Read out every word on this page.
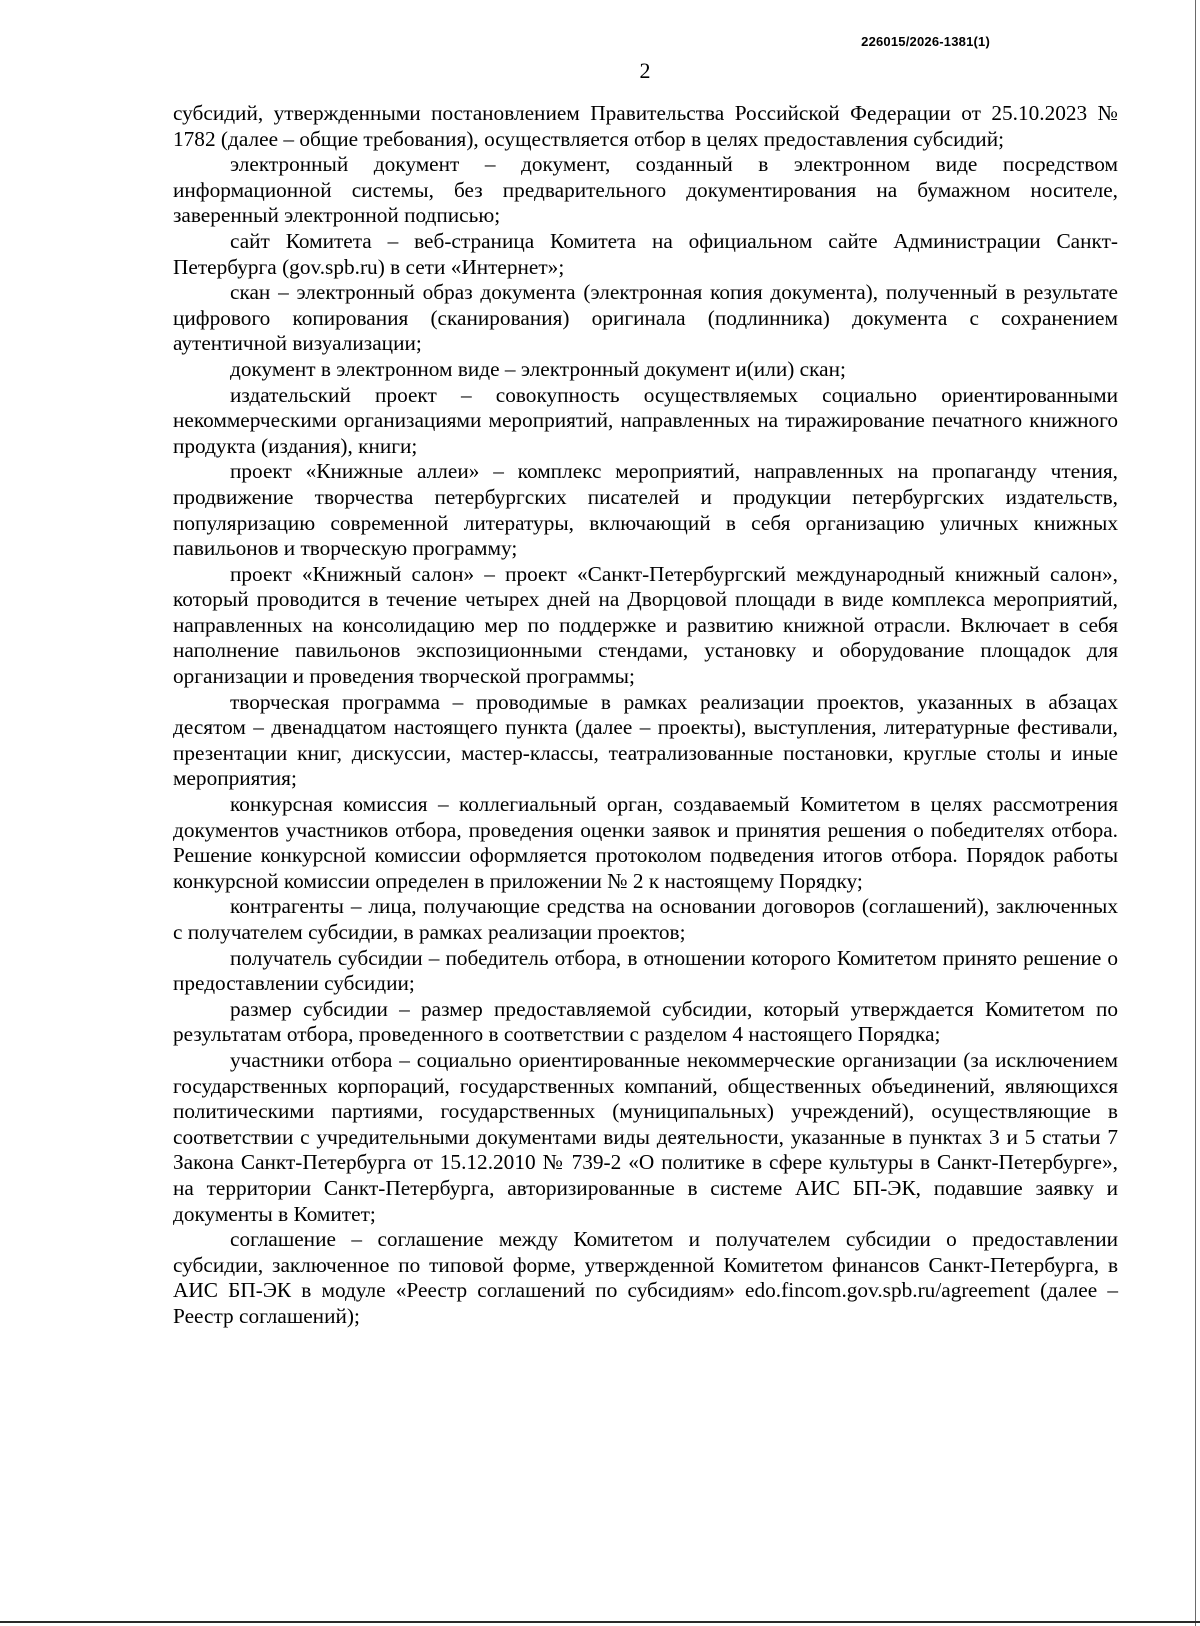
226015/2026-1381(1)
2

субсидий, утвержденными постановлением Правительства Российской Федерации от 25.10.2023 № 1782 (далее – общие требования), осуществляется отбор в целях предоставления субсидий;

электронный документ – документ, созданный в электронном виде посредством информационной системы, без предварительного документирования на бумажном носителе, заверенный электронной подписью;

сайт Комитета – веб-страница Комитета на официальном сайте Администрации Санкт-Петербурга (gov.spb.ru) в сети «Интернет»;

скан – электронный образ документа (электронная копия документа), полученный в результате цифрового копирования (сканирования) оригинала (подлинника) документа с сохранением аутентичной визуализации;

документ в электронном виде – электронный документ и(или) скан;

издательский проект – совокупность осуществляемых социально ориентированными некоммерческими организациями мероприятий, направленных на тиражирование печатного книжного продукта (издания), книги;

проект «Книжные аллеи» – комплекс мероприятий, направленных на пропаганду чтения, продвижение творчества петербургских писателей и продукции петербургских издательств, популяризацию современной литературы, включающий в себя организацию уличных книжных павильонов и творческую программу;

проект «Книжный салон» – проект «Санкт-Петербургский международный книжный салон», который проводится в течение четырех дней на Дворцовой площади в виде комплекса мероприятий, направленных на консолидацию мер по поддержке и развитию книжной отрасли. Включает в себя наполнение павильонов экспозиционными стендами, установку и оборудование площадок для организации и проведения творческой программы;

творческая программа – проводимые в рамках реализации проектов, указанных в абзацах десятом – двенадцатом настоящего пункта (далее – проекты), выступления, литературные фестивали, презентации книг, дискуссии, мастер-классы, театрализованные постановки, круглые столы и иные мероприятия;

конкурсная комиссия – коллегиальный орган, создаваемый Комитетом в целях рассмотрения документов участников отбора, проведения оценки заявок и принятия решения о победителях отбора. Решение конкурсной комиссии оформляется протоколом подведения итогов отбора. Порядок работы конкурсной комиссии определен в приложении № 2 к настоящему Порядку;

контрагенты – лица, получающие средства на основании договоров (соглашений), заключенных с получателем субсидии, в рамках реализации проектов;

получатель субсидии – победитель отбора, в отношении которого Комитетом принято решение о предоставлении субсидии;

размер субсидии – размер предоставляемой субсидии, который утверждается Комитетом по результатам отбора, проведенного в соответствии с разделом 4 настоящего Порядка;

участники отбора – социально ориентированные некоммерческие организации (за исключением государственных корпораций, государственных компаний, общественных объединений, являющихся политическими партиями, государственных (муниципальных) учреждений), осуществляющие в соответствии с учредительными документами виды деятельности, указанные в пунктах 3 и 5 статьи 7 Закона Санкт-Петербурга от 15.12.2010 № 739-2 «О политике в сфере культуры в Санкт-Петербурге», на территории Санкт-Петербурга, авторизированные в системе АИС БП-ЭК, подавшие заявку и документы в Комитет;

соглашение – соглашение между Комитетом и получателем субсидии о предоставлении субсидии, заключенное по типовой форме, утвержденной Комитетом финансов Санкт-Петербурга, в АИС БП-ЭК в модуле «Реестр соглашений по субсидиям» edo.fincom.gov.spb.ru/agreement (далее – Реестр соглашений);
